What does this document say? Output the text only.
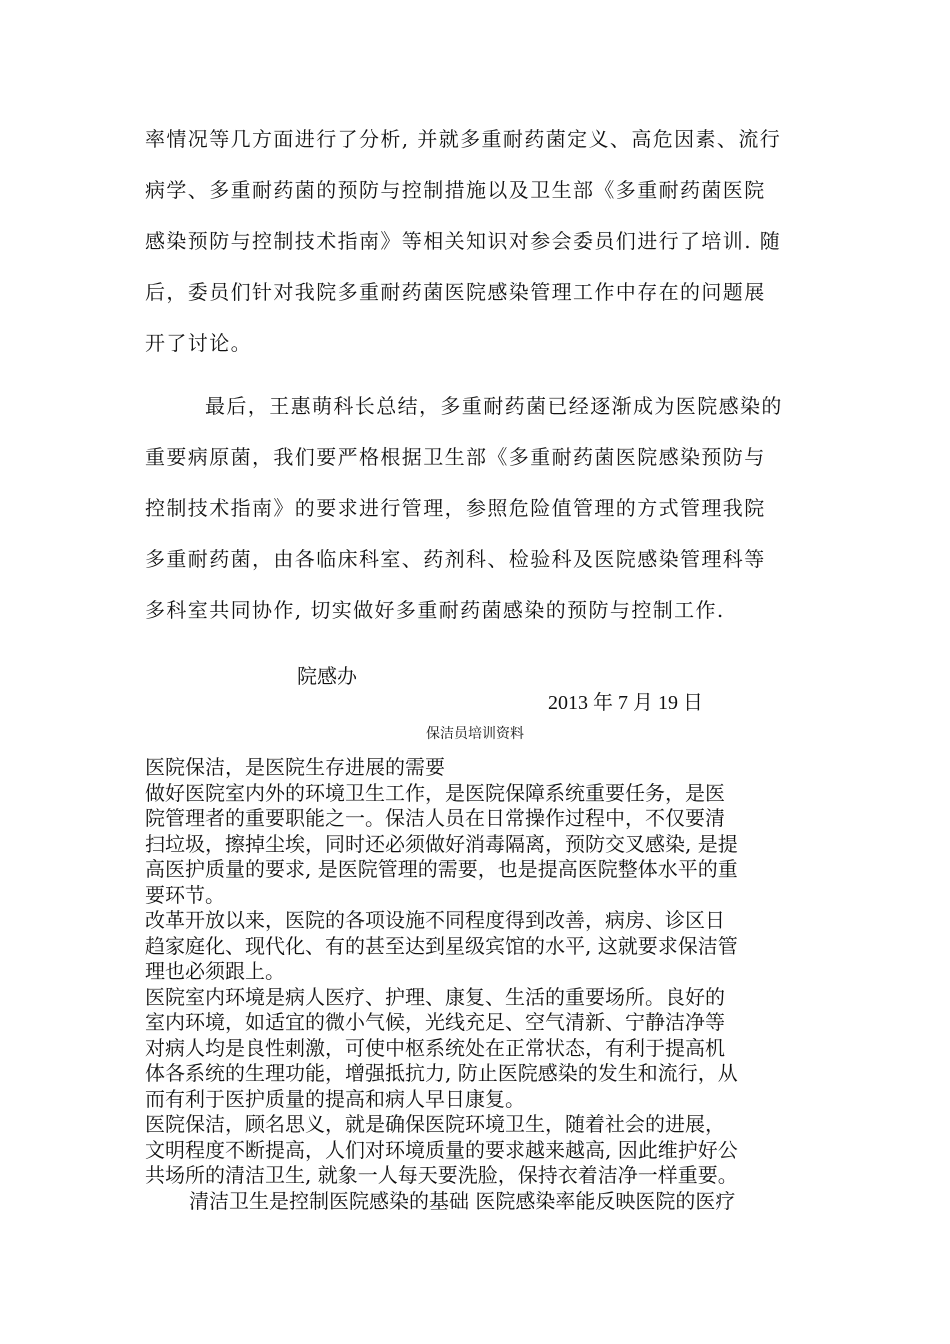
率情况等几方面进行了分析, 并就多重耐药菌定义、高危因素、流行
病学、多重耐药菌的预防与控制措施以及卫生部《多重耐药菌医院
感染预防与控制技术指南》等相关知识对参会委员们进行了培训. 随
后，委员们针对我院多重耐药菌医院感染管理工作中存在的问题展
开了讨论。
最后，王惠萌科长总结，多重耐药菌已经逐渐成为医院感染的
重要病原菌，我们要严格根据卫生部《多重耐药菌医院感染预防与
控制技术指南》的要求进行管理，参照危险值管理的方式管理我院
多重耐药菌，由各临床科室、药剂科、检验科及医院感染管理科等
多科室共同协作, 切实做好多重耐药菌感染的预防与控制工作.
院感办
2013 年 7 月 19 日
保洁员培训资料
医院保洁，是医院生存进展的需要
做好医院室内外的环境卫生工作，是医院保障系统重要任务，是医
院管理者的重要职能之一。保洁人员在日常操作过程中，不仅要清
扫垃圾，擦掉尘埃，同时还必须做好消毒隔离，预防交叉感染, 是提
高医护质量的要求, 是医院管理的需要，也是提高医院整体水平的重
要环节。
改革开放以来，医院的各项设施不同程度得到改善，病房、诊区日
趋家庭化、现代化、有的甚至达到星级宾馆的水平, 这就要求保洁管
理也必须跟上。
医院室内环境是病人医疗、护理、康复、生活的重要场所。良好的
室内环境，如适宜的微小气候，光线充足、空气清新、宁静洁净等
对病人均是良性刺激，可使中枢系统处在正常状态，有利于提高机
体各系统的生理功能，增强抵抗力, 防止医院感染的发生和流行，从
而有利于医护质量的提高和病人早日康复。
医院保洁，顾名思义，就是确保医院环境卫生，随着社会的进展，
文明程度不断提高，人们对环境质量的要求越来越高, 因此维护好公
共场所的清洁卫生, 就象一人每天要洗脸，保持衣着洁净一样重要。
清洁卫生是控制医院感染的基础 医院感染率能反映医院的医疗
